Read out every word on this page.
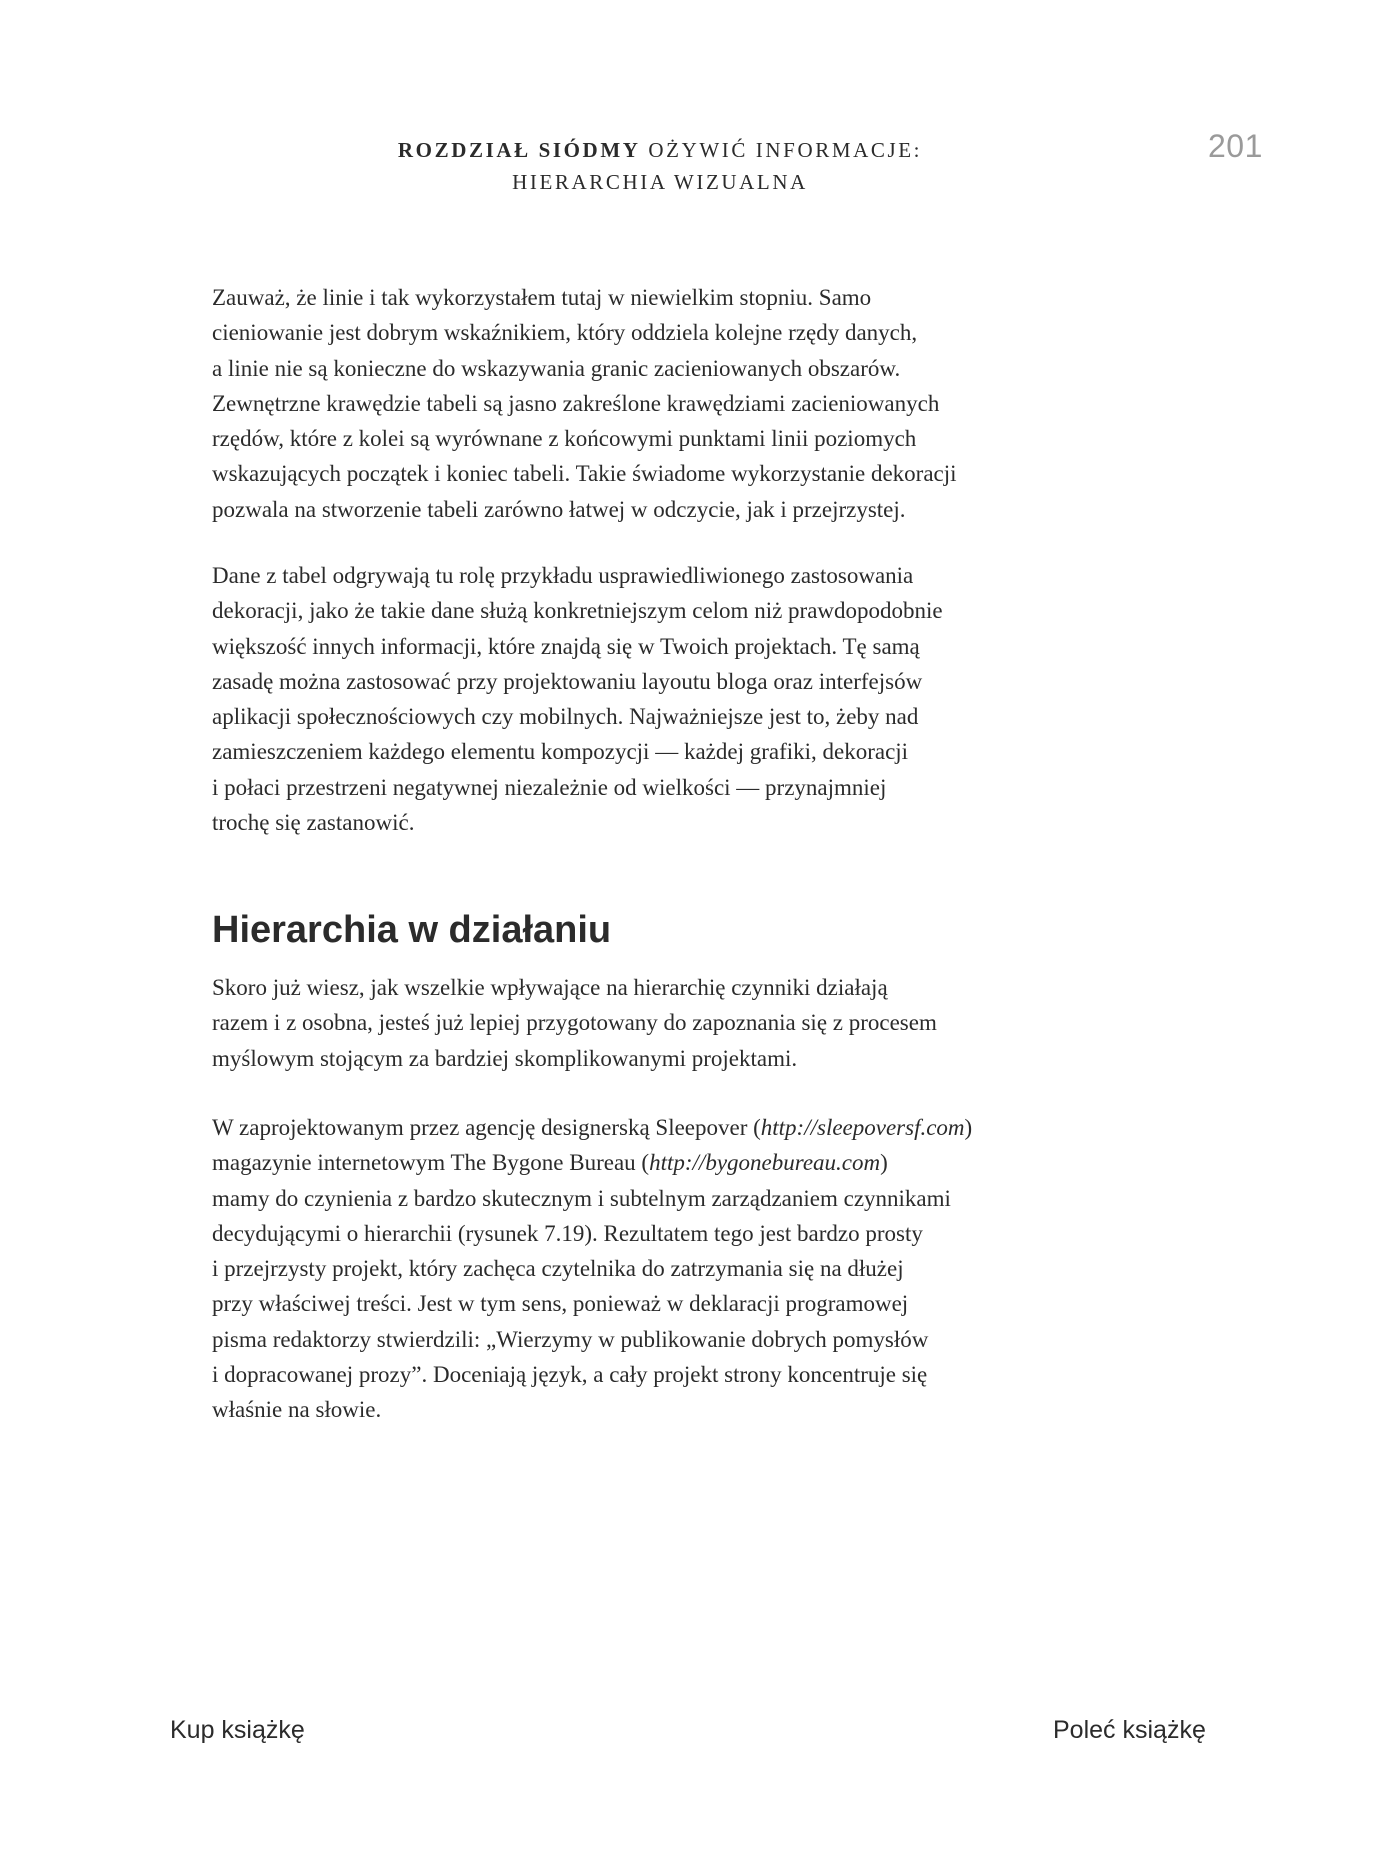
ROZDZIAŁ SIÓDMY OŻYWIĆ INFORMACJE:
HIERARCHIA WIZUALNA
201

Zauważ, że linie i tak wykorzystałem tutaj w niewielkim stopniu. Samo
cieniowanie jest dobrym wskaźnikiem, który oddziela kolejne rzędy danych,
a linie nie są konieczne do wskazywania granic zacieniowanych obszarów.
Zewnętrzne krawędzie tabeli są jasno zakreślone krawędziami zacieniowanych
rzędów, które z kolei są wyrównane z końcowymi punktami linii poziomych
wskazujących początek i koniec tabeli. Takie świadome wykorzystanie dekoracji
pozwala na stworzenie tabeli zarówno łatwej w odczycie, jak i przejrzystej.

Dane z tabel odgrywają tu rolę przykładu usprawiedliwionego zastosowania
dekoracji, jako że takie dane służą konkretniejszym celom niż prawdopodobnie
większość innych informacji, które znajdą się w Twoich projektach. Tę samą
zasadę można zastosować przy projektowaniu layoutu bloga oraz interfejsów
aplikacji społecznościowych czy mobilnych. Najważniejsze jest to, żeby nad
zamieszczeniem każdego elementu kompozycji — każdej grafiki, dekoracji
i połaci przestrzeni negatywnej niezależnie od wielkości — przynajmniej
trochę się zastanowić.

Skoro już wiesz, jak wszelkie wpływające na hierarchię czynniki działają
razem i z osobna, jesteś już lepiej przygotowany do zapoznania się z procesem
myślowym stojącym za bardziej skomplikowanymi projektami.

W zaprojektowanym przez agencję designerską Sleepover (http://sleepoversf.com)
magazynie internetowym The Bygone Bureau (http://bygonebureau.com)
mamy do czynienia z bardzo skutecznym i subtelnym zarządzaniem czynnikami
decydującymi o hierarchii (rysunek 7.19). Rezultatem tego jest bardzo prosty
i przejrzysty projekt, który zachęca czytelnika do zatrzymania się na dłużej
przy właściwej treści. Jest w tym sens, ponieważ w deklaracji programowej
pisma redaktorzy stwierdzili: „Wierzymy w publikowanie dobrych pomysłów
i dopracowanej prozy”. Doceniają język, a cały projekt strony koncentruje się
właśnie na słowie.

Hierarchia w działaniu
Kup książkę	Poleć książkę
